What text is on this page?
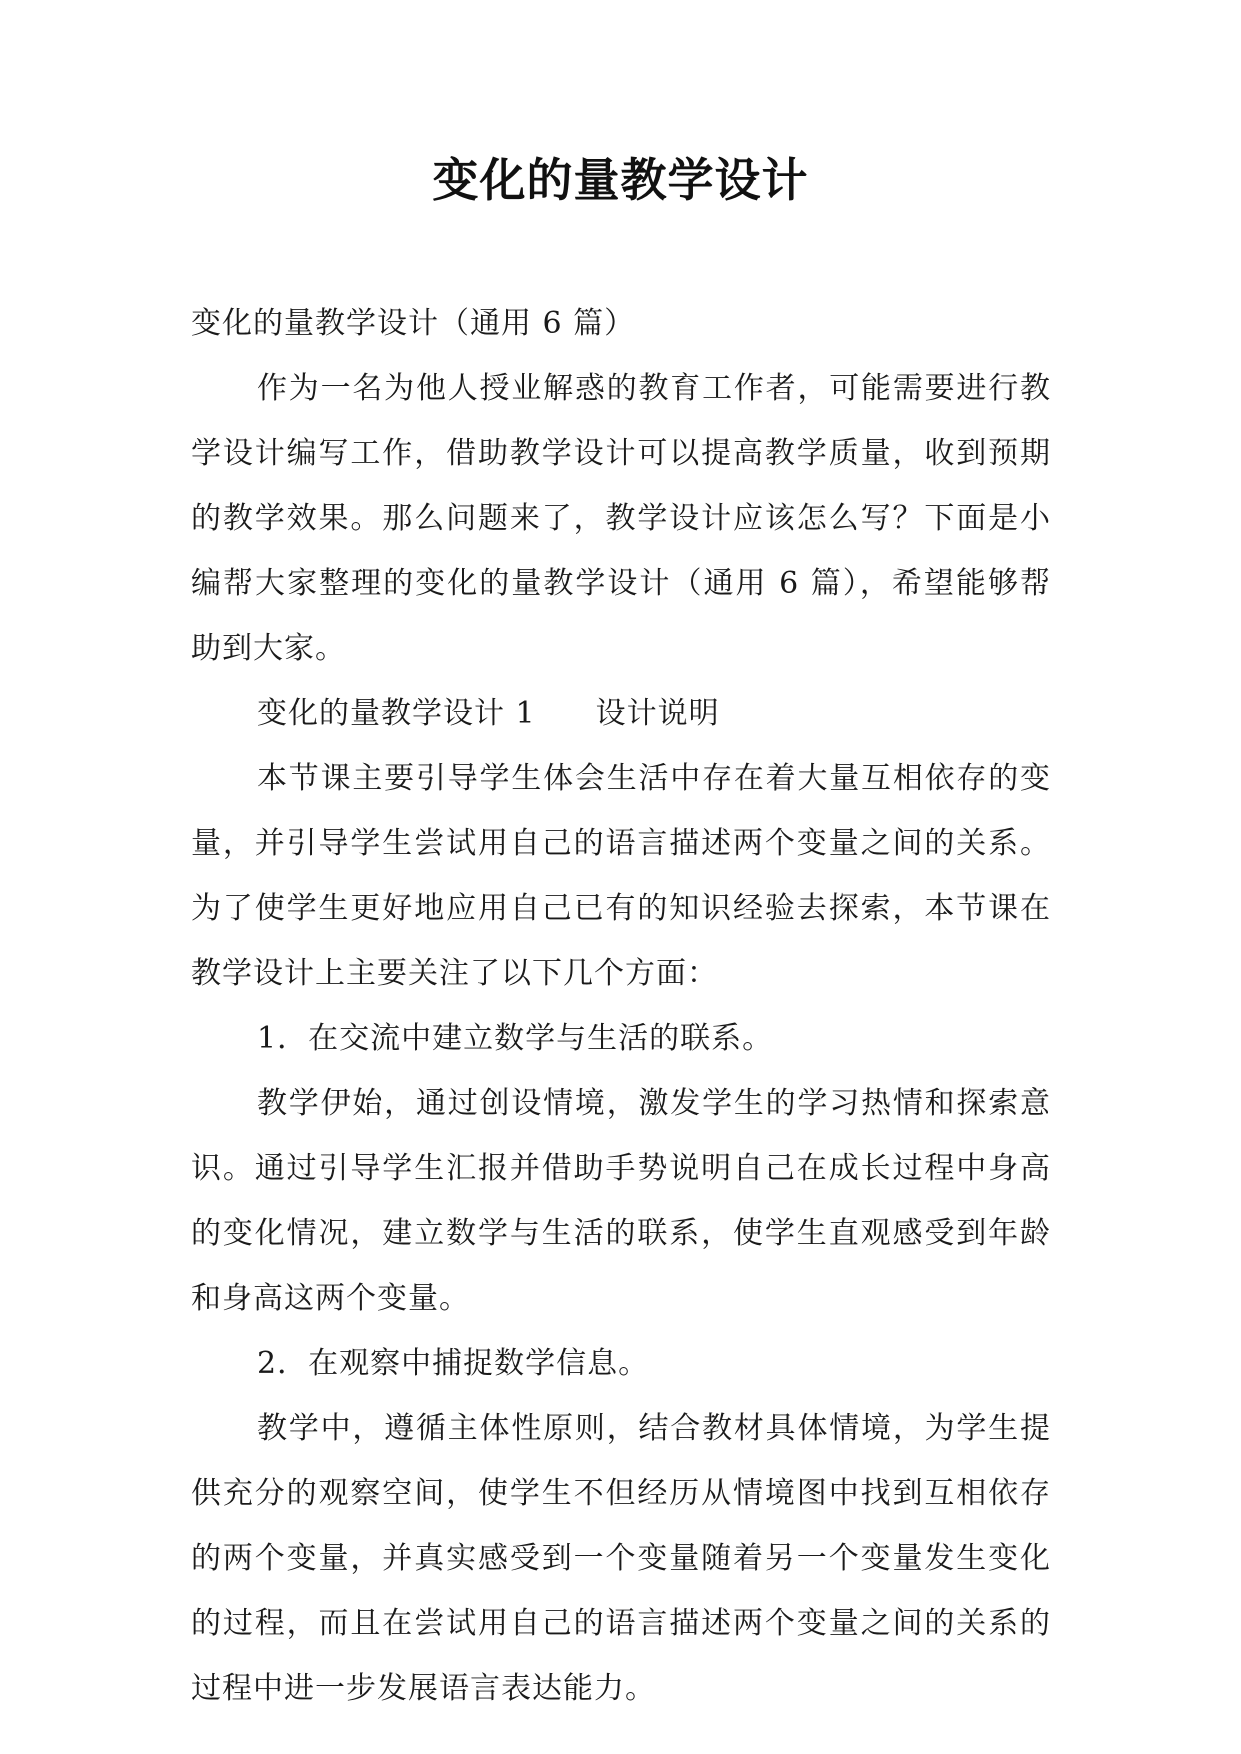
变化的量教学设计

变化的量教学设计（通用 6 篇）

作为一名为他人授业解惑的教育工作者，可能需要进行教学设计编写工作，借助教学设计可以提高教学质量，收到预期的教学效果。那么问题来了，教学设计应该怎么写？下面是小编帮大家整理的变化的量教学设计（通用 6 篇），希望能够帮助到大家。

变化的量教学设计 1 设计说明

本节课主要引导学生体会生活中存在着大量互相依存的变量，并引导学生尝试用自己的语言描述两个变量之间的关系。为了使学生更好地应用自己已有的知识经验去探索，本节课在教学设计上主要关注了以下几个方面：

1．在交流中建立数学与生活的联系。

教学伊始，通过创设情境，激发学生的学习热情和探索意识。通过引导学生汇报并借助手势说明自己在成长过程中身高的变化情况，建立数学与生活的联系，使学生直观感受到年龄和身高这两个变量。

2．在观察中捕捉数学信息。

教学中，遵循主体性原则，结合教材具体情境，为学生提供充分的观察空间，使学生不但经历从情境图中找到互相依存的两个变量，并真实感受到一个变量随着另一个变量发生变化的过程，而且在尝试用自己的语言描述两个变量之间的关系的过程中进一步发展语言表达能力。
